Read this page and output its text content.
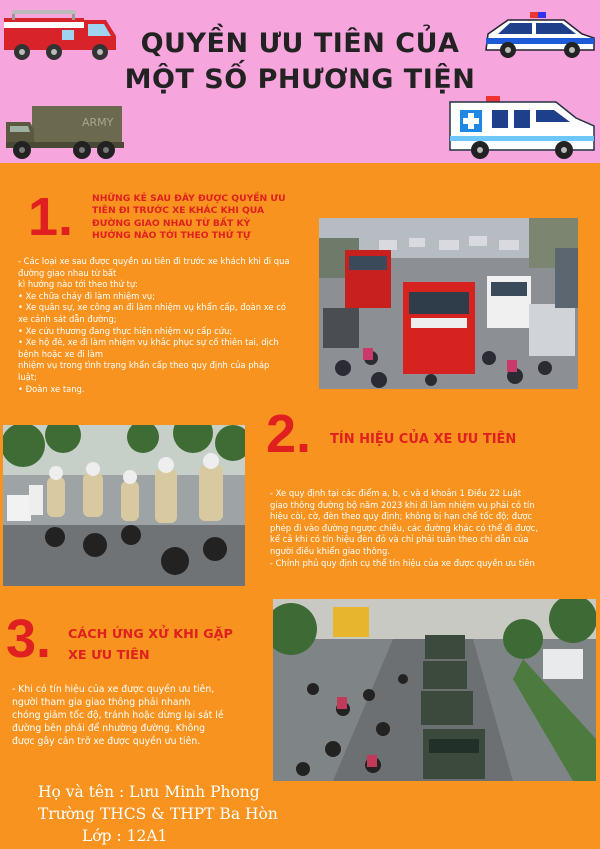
QUYỀN ƯU TIÊN CỦA
MỘT SỐ PHƯƠNG TIỆN
ARMY
1. NHỮNG KẺ SAU ĐÂY ĐƯỢC QUYỀN ƯU TIÊN ĐI TRƯỚC XE KHÁC KHI QUA ĐƯỜNG GIAO NHAU TỪ BẤT KỲ HƯỚNG NÀO TỚI THEO THỨ TỰ
- Các loại xe sau được quyền ưu tiên đi trước xe khách khi đi qua
đường giao nhau từ bất
kì hướng nào tới theo thứ tự:
• Xe chữa cháy đi làm nhiệm vụ;
• Xe quân sự, xe công an đi làm nhiệm vụ khẩn cấp, đoàn xe có
xe cảnh sát dẫn đường;
• Xe cứu thương đang thực hiện nhiệm vụ cấp cứu;
• Xe hộ đê, xe đi làm nhiệm vụ khắc phục sự cố thiên tai, dịch
bệnh hoặc xe đi làm
nhiệm vụ trong tình trạng khẩn cấp theo quy định của pháp
luật;
• Đoàn xe tang.
2. TÍN HIỆU CỦA XE ƯU TIÊN
- Xe quy định tại các điểm a, b, c và d khoản 1 Điều 22 Luật
giao thông đường bộ năm 2023 khi đi làm nhiệm vụ phải có tín
hiệu còi, cờ, đèn theo quy định; không bị hạn chế tốc độ; được
phép đi vào đường ngược chiều, các đường khác có thể đi được,
kể cả khi có tín hiệu đèn đỏ và chỉ phải tuân theo chỉ dẫn của
người điều khiển giao thông.
- Chính phủ quy định cụ thể tín hiệu của xe được quyền ưu tiên
3. CÁCH ỨNG XỬ KHI GẶP
XE ƯU TIÊN
- Khi có tín hiệu của xe được quyền ưu tiên,
người tham gia giao thông phải nhanh
chóng giảm tốc độ, tránh hoặc dừng lại sát lề
đường bên phải để nhường đường. Không
được gây cản trở xe được quyền ưu tiên.
Họ và tên : Lưu Minh Phong
Trường THCS & THPT Ba Hòn
Lớp : 12A1
